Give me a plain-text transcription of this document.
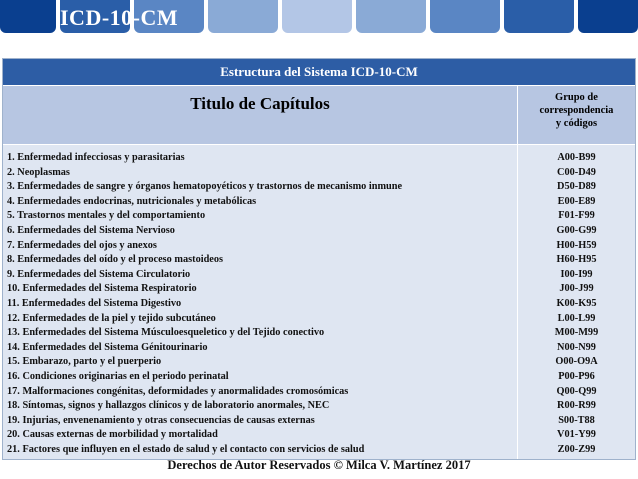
ICD-10-CM
Estructura del Sistema ICD-10-CM
Titulo de Capítulos	Grupo de
correspondencia
y códigos
1. Enfermedad infecciosas y parasitarias
2. Neoplasmas
3. Enfermedades de sangre y órganos hematopoyéticos y trastornos de mecanismo inmune
4. Enfermedades endocrinas, nutricionales y metabólicas
5. Trastornos mentales y del comportamiento
6. Enfermedades del Sistema Nervioso
7. Enfermedades del ojos y anexos
8. Enfermedades del oído y el proceso mastoideos
9. Enfermedades del Sistema Circulatorio
10. Enfermedades del Sistema Respiratorio
11. Enfermedades del Sistema Digestivo
12. Enfermedades de la piel y tejido subcutáneo
13. Enfermedades del Sistema Músculoesqueletico y del Tejido conectivo
14. Enfermedades del Sistema Génitourinario
15. Embarazo, parto y el puerperio
16. Condiciones originarias en el periodo perinatal
17. Malformaciones congénitas, deformidades y anormalidades cromosómicas
18. Síntomas, signos y hallazgos clínicos y de laboratorio anormales, NEC
19. Injurias, envenenamiento y otras consecuencias de causas externas
20. Causas externas de morbilidad y mortalidad
21. Factores que influyen en el estado de salud y el contacto con servicios de salud
A00-B99
C00-D49
D50-D89
E00-E89
F01-F99
G00-G99
H00-H59
H60-H95
I00-I99
J00-J99
K00-K95
L00-L99
M00-M99
N00-N99
O00-O9A
P00-P96
Q00-Q99
R00-R99
S00-T88
V01-Y99
Z00-Z99
Derechos de Autor Reservados © Milca V. Martínez 2017
